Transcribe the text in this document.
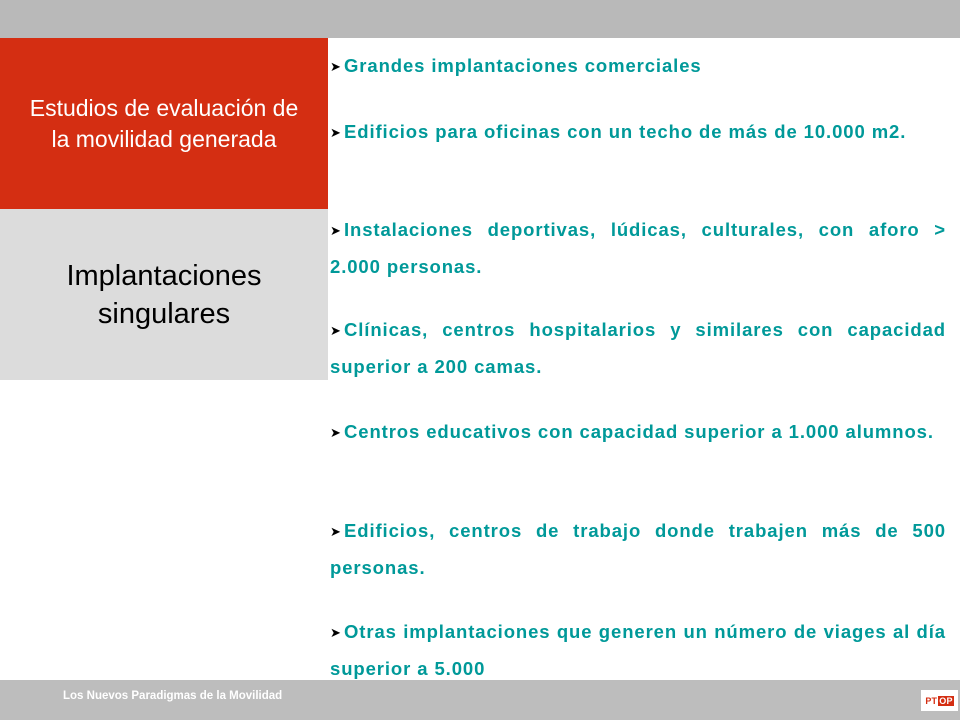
Estudios de evaluación de la movilidad generada
Implantaciones singulares
➤ Grandes implantaciones comerciales
➤ Edificios para oficinas con un techo de más de 10.000 m2.
➤ Instalaciones deportivas, lúdicas, culturales, con aforo > 2.000 personas.
➤ Clínicas, centros hospitalarios y similares con capacidad superior a 200 camas.
➤ Centros educativos con capacidad superior a 1.000 alumnos.
➤ Edificios, centros de trabajo donde trabajen más de 500 personas.
➤ Otras implantaciones que generen un número de viages al día superior a 5.000
Los Nuevos Paradigmas de la Movilidad	PT OP
